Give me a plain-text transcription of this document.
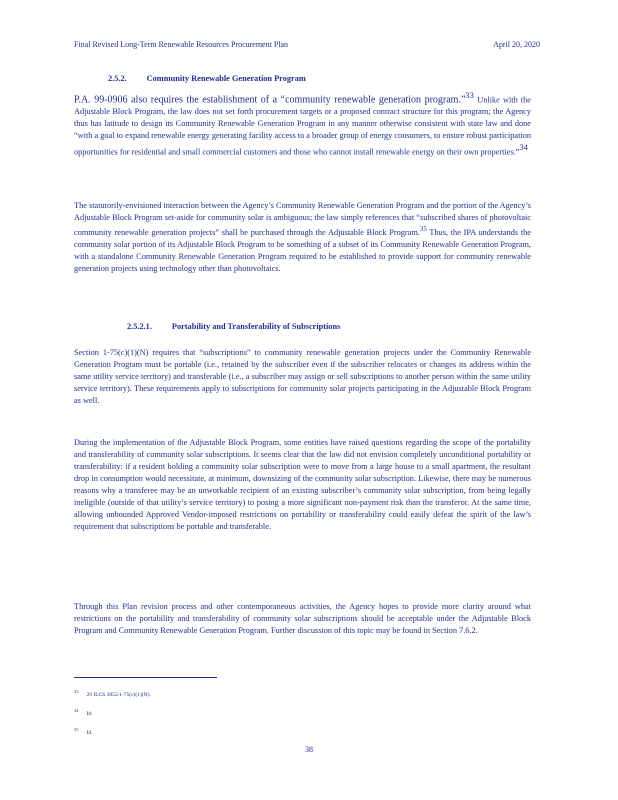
Final Revised Long-Term Renewable Resources Procurement Plan	April 20, 2020
2.5.2. Community Renewable Generation Program
P.A. 99-0906 also requires the establishment of a “community renewable generation program.”$^{33}$ Unlike with the Adjustable Block Program, the law does not set forth procurement targets or a proposed contract structure for this program; the Agency thus has latitude to design its Community Renewable Generation Program in any manner otherwise consistent with state law and done “with a goal to expand renewable energy generating facility access to a broader group of energy consumers, to ensure robust participation opportunities for residential and small commercial customers and those who cannot install renewable energy on their own properties.”$^{34}$
The statutorily-envisioned interaction between the Agency’s Community Renewable Generation Program and the portion of the Agency’s Adjustable Block Program set-aside for community solar is ambiguous; the law simply references that “subscribed shares of photovoltaic community renewable generation projects” shall be purchased through the Adjustable Block Program.$^{35}$ Thus, the IPA understands the community solar portion of its Adjustable Block Program to be something of a subset of its Community Renewable Generation Program, with a standalone Community Renewable Generation Program required to be established to provide support for community renewable generation projects using technology other than photovoltaics.
2.5.2.1. Portability and Transferability of Subscriptions
Section 1-75(c)(1)(N) requires that “subscriptions” to community renewable generation projects under the Community Renewable Generation Program must be portable (i.e., retained by the subscriber even if the subscriber relocates or changes its address within the same utility service territory) and transferable (i.e., a subscriber may assign or sell subscriptions to another person within the same utility service territory). These requirements apply to subscriptions for community solar projects participating in the Adjustable Block Program as well.
During the implementation of the Adjustable Block Program, some entities have raised questions regarding the scope of the portability and transferability of community solar subscriptions. It seems clear that the law did not envision completely unconditional portability or transferability: if a resident holding a community solar subscription were to move from a large house to a small apartment, the resultant drop in consumption would necessitate, at minimum, downsizing of the community solar subscription. Likewise, there may be numerous reasons why a transferee may be an unworkable recipient of an existing subscriber’s community solar subscription, from being legally ineligible (outside of that utility’s service territory) to posing a more significant non-payment risk than the transferor. At the same time, allowing unbounded Approved Vendor-imposed restrictions on portability or transferability could easily defeat the spirit of the law’s requirement that subscriptions be portable and transferable.
Through this Plan revision process and other contemporaneous activities, the Agency hopes to provide more clarity around what restrictions on the portability and transferability of community solar subscriptions should be acceptable under the Adjustable Block Program and Community Renewable Generation Program. Further discussion of this topic may be found in Section 7.6.2.
$^{33}$20 ILCS 3855/1-75(c)(1)(N).
$^{34}$Id.
$^{35}$Id.
38
